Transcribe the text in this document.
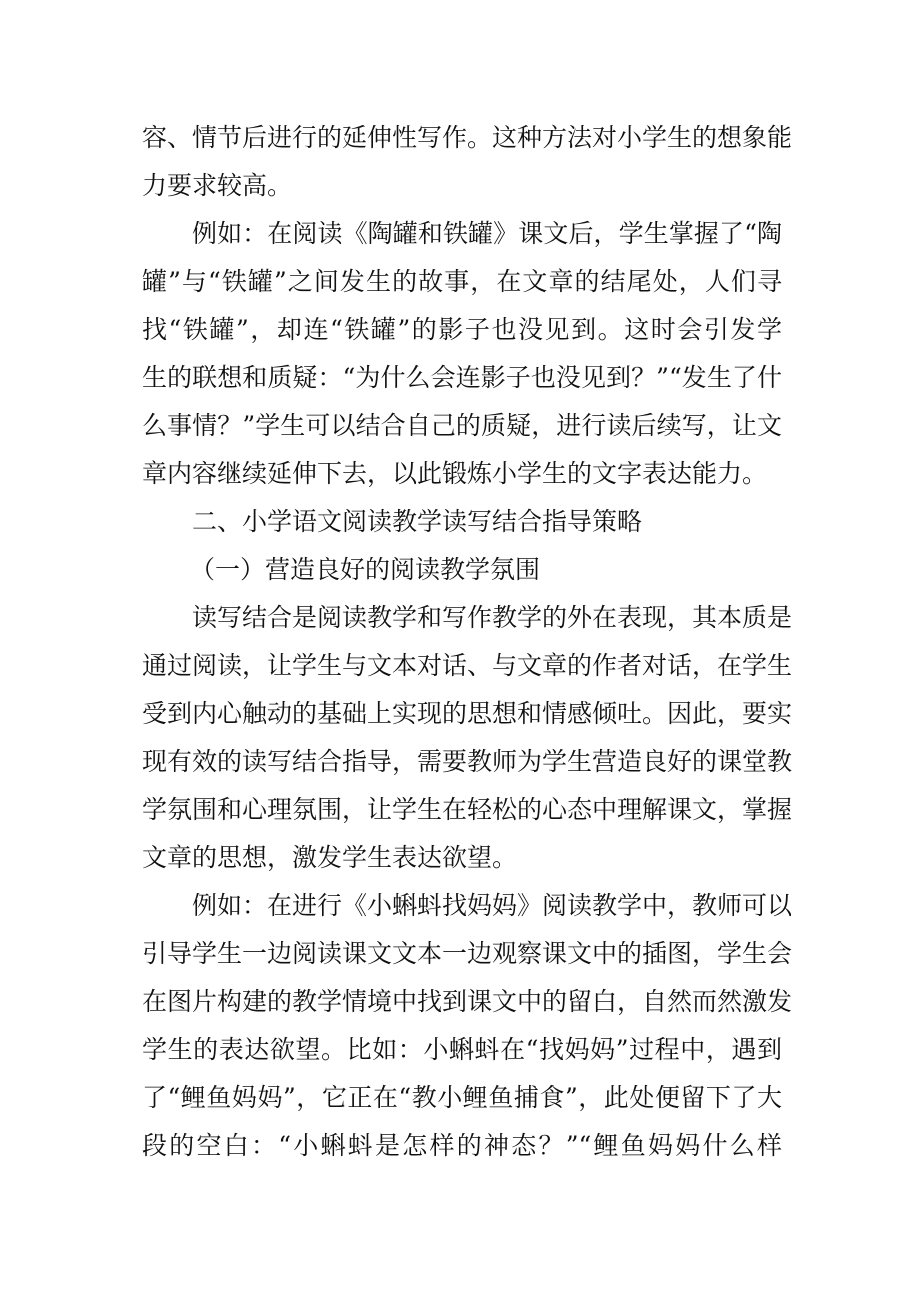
容、情节后进行的延伸性写作。这种方法对小学生的想象能
力要求较高。
例如：在阅读《陶罐和铁罐》课文后，学生掌握了“陶
罐”与“铁罐”之间发生的故事，在文章的结尾处，人们寻
找“铁罐”，却连“铁罐”的影子也没见到。这时会引发学
生的联想和质疑：“为什么会连影子也没见到？”“发生了什
么事情？”学生可以结合自己的质疑，进行读后续写，让文
章内容继续延伸下去，以此锻炼小学生的文字表达能力。
二、小学语文阅读教学读写结合指导策略
（一）营造良好的阅读教学氛围
读写结合是阅读教学和写作教学的外在表现，其本质是
通过阅读，让学生与文本对话、与文章的作者对话，在学生
受到内心触动的基础上实现的思想和情感倾吐。因此，要实
现有效的读写结合指导，需要教师为学生营造良好的课堂教
学氛围和心理氛围，让学生在轻松的心态中理解课文，掌握
文章的思想，激发学生表达欲望。
例如：在进行《小蝌蚪找妈妈》阅读教学中，教师可以
引导学生一边阅读课文文本一边观察课文中的插图，学生会
在图片构建的教学情境中找到课文中的留白，自然而然激发
学生的表达欲望。比如：小蝌蚪在“找妈妈”过程中，遇到
了“鲤鱼妈妈”，它正在“教小鲤鱼捕食”，此处便留下了大
段的空白：“小蝌蚪是怎样的神态？”“鲤鱼妈妈什么样
